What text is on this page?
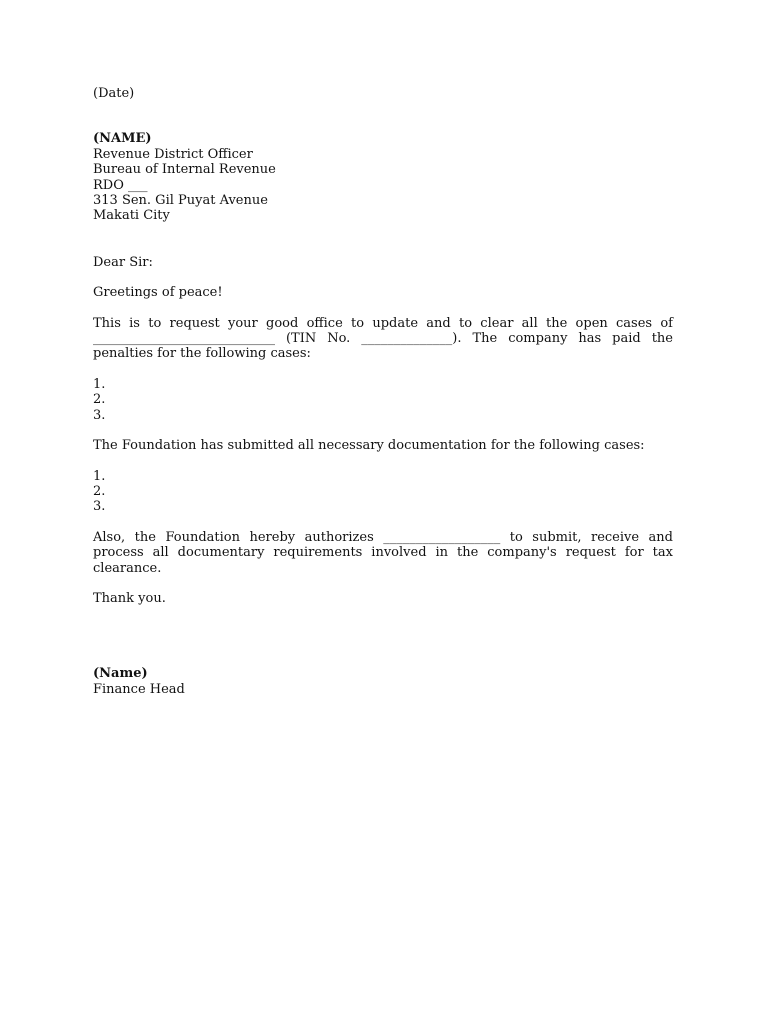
(Date)
(NAME)
Revenue District Officer
Bureau of Internal Revenue
RDO ___
313 Sen. Gil Puyat Avenue
Makati City
Dear Sir:
Greetings of peace!
This is to request your good office to update and to clear all the open cases of ____________________________ (TIN No. ______________). The company has paid the penalties for the following cases:
1.
2.
3.
The Foundation has submitted all necessary documentation for the following cases:
1.
2.
3.
Also, the Foundation hereby authorizes __________________ to submit, receive and process all documentary requirements involved in the company's request for tax clearance.
Thank you.
(Name)
Finance Head
